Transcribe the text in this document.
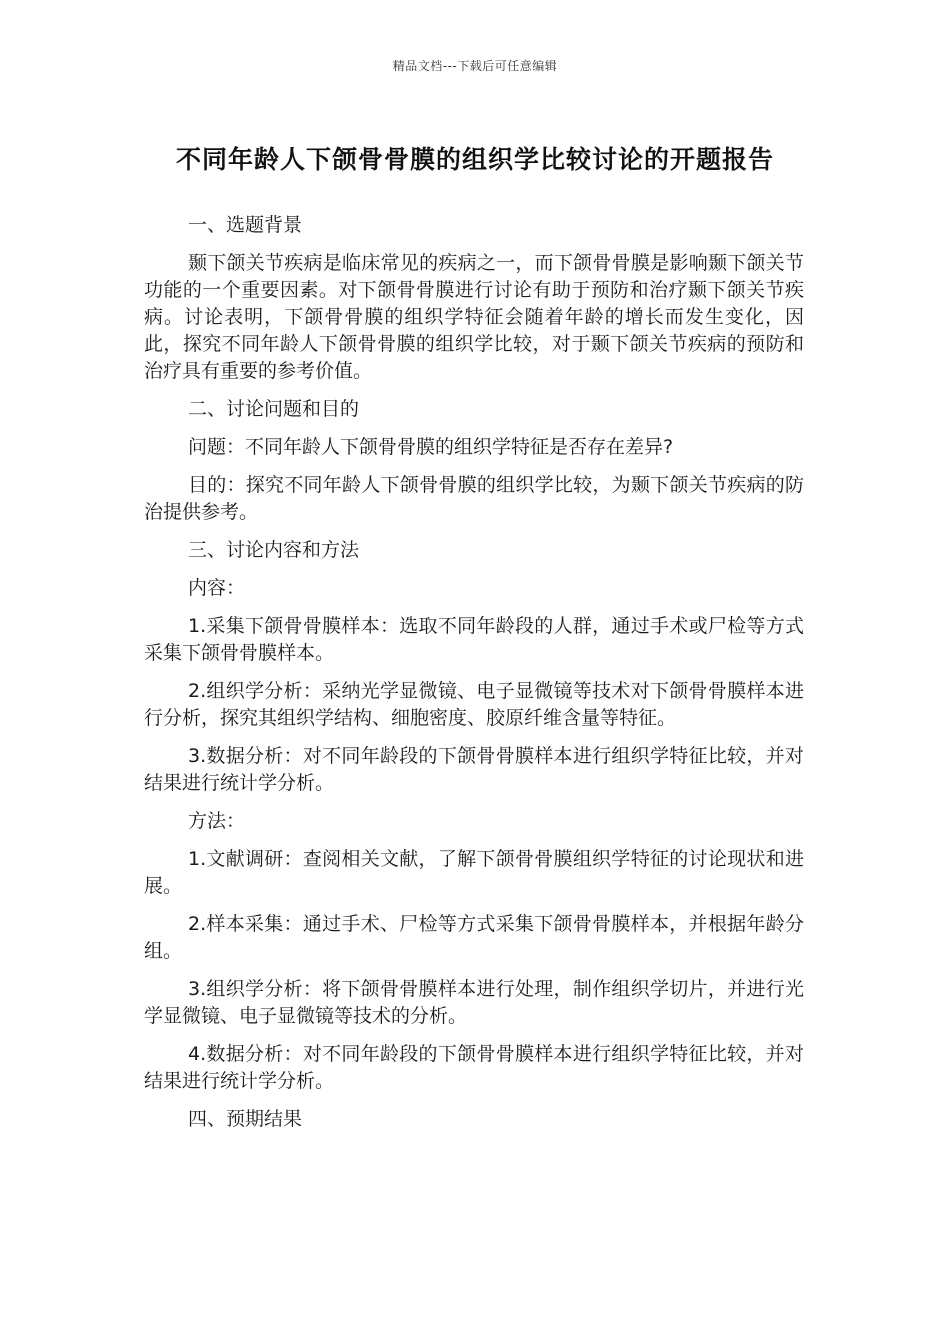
精品文档---下载后可任意编辑
不同年龄人下颌骨骨膜的组织学比较讨论的开题报告

一、选题背景

颞下颌关节疾病是临床常见的疾病之一，而下颌骨骨膜是影响颞下颌关节功能的一个重要因素。对下颌骨骨膜进行讨论有助于预防和治疗颞下颌关节疾病。讨论表明，下颌骨骨膜的组织学特征会随着年龄的增长而发生变化，因此，探究不同年龄人下颌骨骨膜的组织学比较，对于颞下颌关节疾病的预防和治疗具有重要的参考价值。

二、讨论问题和目的

问题：不同年龄人下颌骨骨膜的组织学特征是否存在差异?

目的：探究不同年龄人下颌骨骨膜的组织学比较，为颞下颌关节疾病的防治提供参考。

三、讨论内容和方法

内容：

1.采集下颌骨骨膜样本：选取不同年龄段的人群，通过手术或尸检等方式采集下颌骨骨膜样本。

2.组织学分析：采纳光学显微镜、电子显微镜等技术对下颌骨骨膜样本进行分析，探究其组织学结构、细胞密度、胶原纤维含量等特征。

3.数据分析：对不同年龄段的下颌骨骨膜样本进行组织学特征比较，并对结果进行统计学分析。

方法：

1.文献调研：查阅相关文献，了解下颌骨骨膜组织学特征的讨论现状和进展。

2.样本采集：通过手术、尸检等方式采集下颌骨骨膜样本，并根据年龄分组。

3.组织学分析：将下颌骨骨膜样本进行处理，制作组织学切片，并进行光学显微镜、电子显微镜等技术的分析。

4.数据分析：对不同年龄段的下颌骨骨膜样本进行组织学特征比较，并对结果进行统计学分析。

四、预期结果
